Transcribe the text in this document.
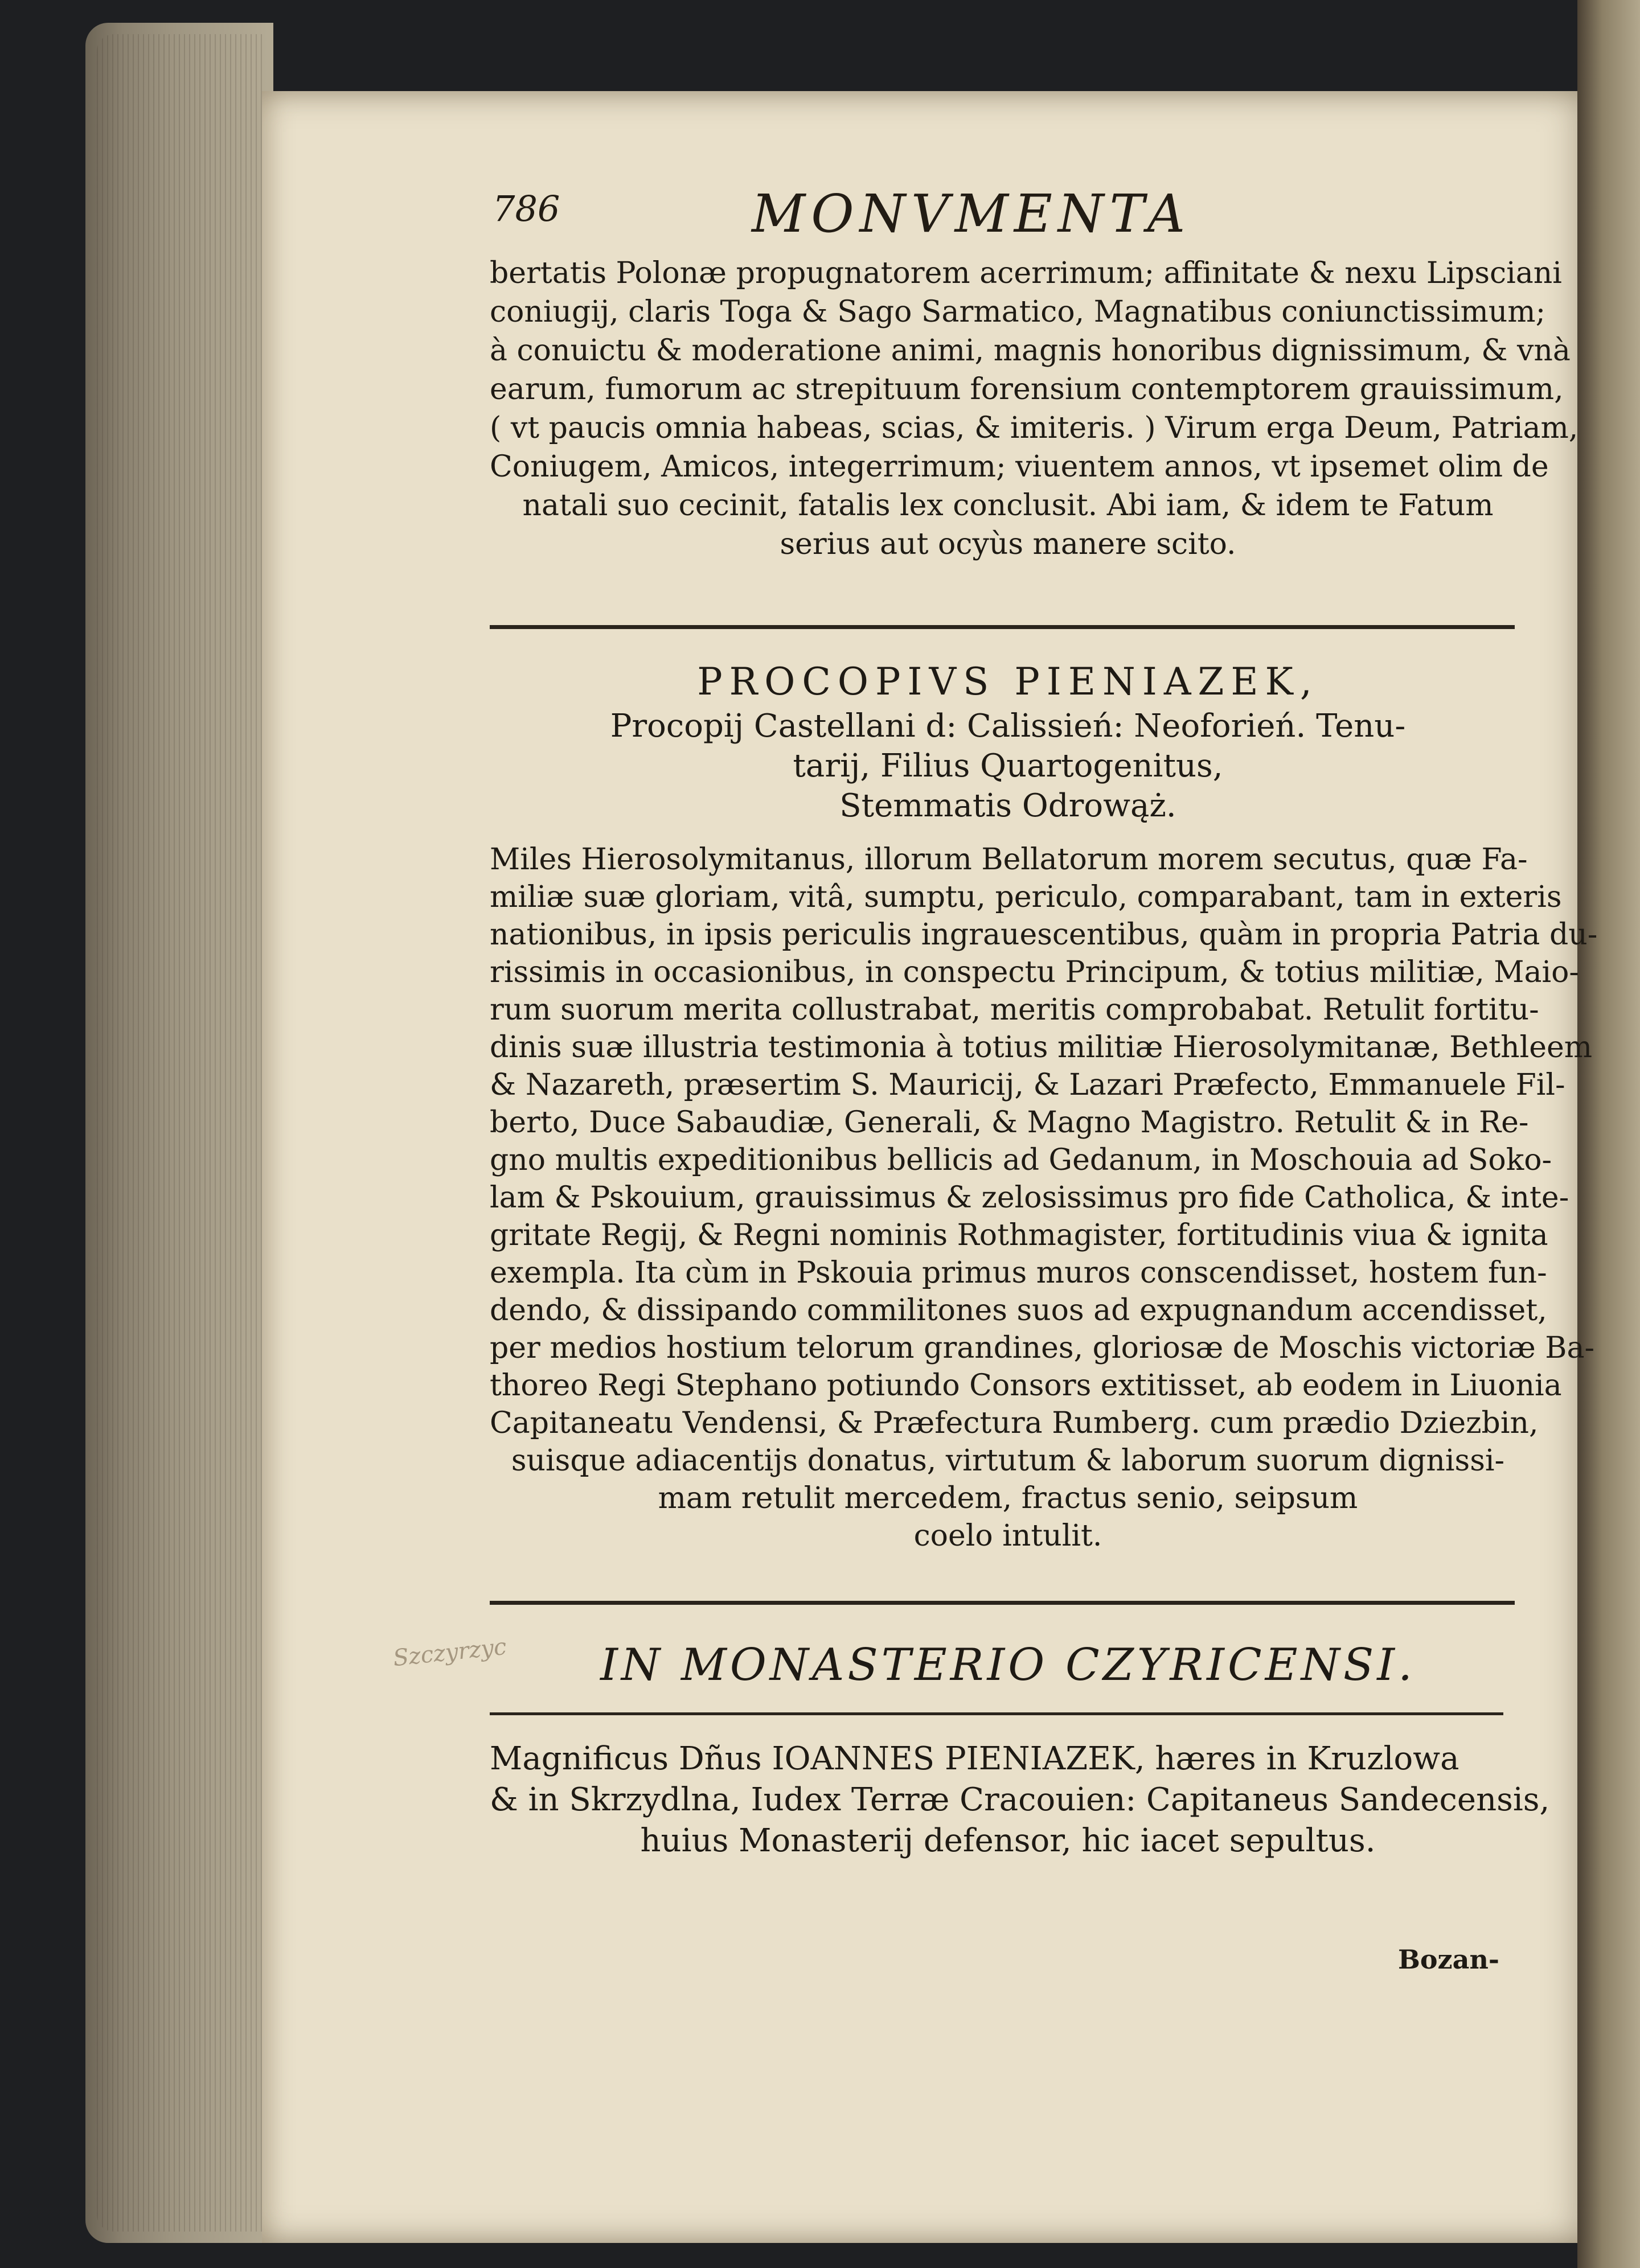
786	MONVMENTA
bertatis Polonæ propugnatorem acerrimum; affinitate & nexu Lipsciani
coniugij, claris Toga & Sago Sarmatico, Magnatibus coniunctissimum;
à conuictu & moderatione animi, magnis honoribus dignissimum, & vnà
earum, fumorum ac strepituum forensium contemptorem grauissimum,
( vt paucis omnia habeas, scias, & imiteris. ) Virum erga Deum, Patriam,
Coniugem, Amicos, integerrimum; viuentem annos, vt ipsemet olim de
natali suo cecinit, fatalis lex conclusit. Abi iam, & idem te Fatum
serius aut ocyùs manere scito.
PROCOPIVS PIENIAZEK,
Procopij Castellani d: Calissień: Neoforień. Tenu-
tarij, Filius Quartogenitus,
Stemmatis Odrowąż.
Miles Hierosolymitanus, illorum Bellatorum morem secutus, quæ Fa-
miliæ suæ gloriam, vitâ, sumptu, periculo, comparabant, tam in exteris
nationibus, in ipsis periculis ingrauescentibus, quàm in propria Patria du-
rissimis in occasionibus, in conspectu Principum, & totius militiæ, Maio-
rum suorum merita collustrabat, meritis comprobabat. Retulit fortitu-
dinis suæ illustria testimonia à totius militiæ Hierosolymitanæ, Bethleem
& Nazareth, præsertim S. Mauricij, & Lazari Præfecto, Emmanuele Fil-
berto, Duce Sabaudiæ, Generali, & Magno Magistro. Retulit & in Re-
gno multis expeditionibus bellicis ad Gedanum, in Moschouia ad Soko-
lam & Pskouium, grauissimus & zelosissimus pro fide Catholica, & inte-
gritate Regij, & Regni nominis Rothmagister, fortitudinis viua & ignita
exempla. Ita cùm in Pskouia primus muros conscendisset, hostem fun-
dendo, & dissipando commilitones suos ad expugnandum accendisset,
per medios hostium telorum grandines, gloriosæ de Moschis victoriæ Ba-
thoreo Regi Stephano potiundo Consors extitisset, ab eodem in Liuonia
Capitaneatu Vendensi, & Præfectura Rumberg. cum prædio Dziezbin,
suisque adiacentijs donatus, virtutum & laborum suorum dignissi-
mam retulit mercedem, fractus senio, seipsum
coelo intulit.
Szczyrzyc	IN MONASTERIO CZYRICENSI.
Magnificus Dñus IOANNES PIENIAZEK, hæres in Kruzlowa
& in Skrzydlna, Iudex Terræ Cracouien: Capitaneus Sandecensis,
huius Monasterij defensor, hic iacet sepultus.
Bozan-
